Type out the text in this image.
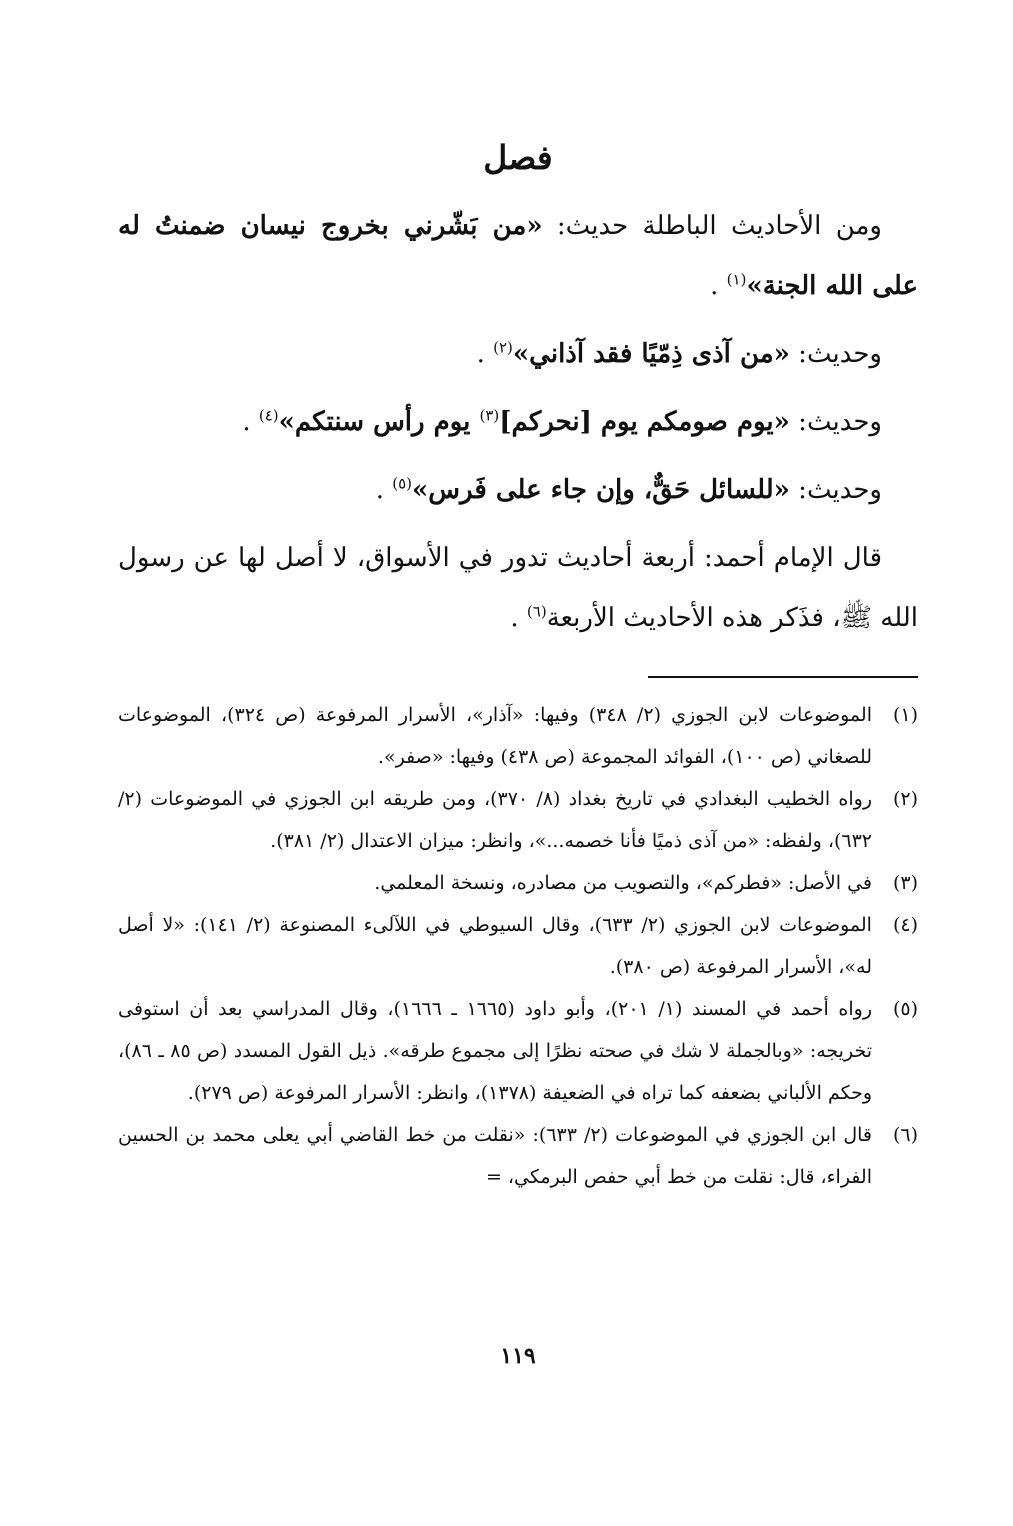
فصل

ومن الأحاديث الباطلة حديث: «من بَشّرني بخروج نيسان ضمنتُ له على الله الجنة»$^{(١)}$ .

وحديث: «من آذى ذِمّيًا فقد آذاني»$^{(٢)}$ .

وحديث: «يوم صومكم يوم [نحركم]$^{(٣)}$ يوم رأس سنتكم»$^{(٤)}$ .

وحديث: «للسائل حَقٌّ، وإن جاء على فَرس»$^{(٥)}$ .

قال الإمام أحمد: أربعة أحاديث تدور في الأسواق، لا أصل لها عن رسول الله ﷺ، فذَكر هذه الأحاديث الأربعة$^{(٦)}$ .

(١)
الموضوعات لابن الجوزي (٢/ ٣٤٨) وفيها: «آذار»، الأسرار المرفوعة (ص ٣٢٤)، الموضوعات للصغاني (ص ١٠٠)، الفوائد المجموعة (ص ٤٣٨) وفيها: «صفر».
(٢)
رواه الخطيب البغدادي في تاريخ بغداد (٨/ ٣٧٠)، ومن طريقه ابن الجوزي في الموضوعات (٢/ ٦٣٢)، ولفظه: «من آذى ذميًا فأنا خصمه...»، وانظر: ميزان الاعتدال (٢/ ٣٨١).
(٣)
في الأصل: «فطركم»، والتصويب من مصادره، ونسخة المعلمي.
(٤)
الموضوعات لابن الجوزي (٢/ ٦٣٣)، وقال السيوطي في اللآلىء المصنوعة (٢/ ١٤١): «لا أصل له»، الأسرار المرفوعة (ص ٣٨٠).
(٥)
رواه أحمد في المسند (١/ ٢٠١)، وأبو داود (١٦٦٥ ـ ١٦٦٦)، وقال المدراسي بعد أن استوفى تخريجه: «وبالجملة لا شك في صحته نظرًا إلى مجموع طرقه». ذيل القول المسدد (ص ٨٥ ـ ٨٦)، وحكم الألباني بضعفه كما تراه في الضعيفة (١٣٧٨)، وانظر: الأسرار المرفوعة (ص ٢٧٩).
(٦)
قال ابن الجوزي في الموضوعات (٢/ ٦٣٣): «نقلت من خط القاضي أبي يعلى محمد بن الحسين الفراء، قال: نقلت من خط أبي حفص البرمكي، =
١١٩
